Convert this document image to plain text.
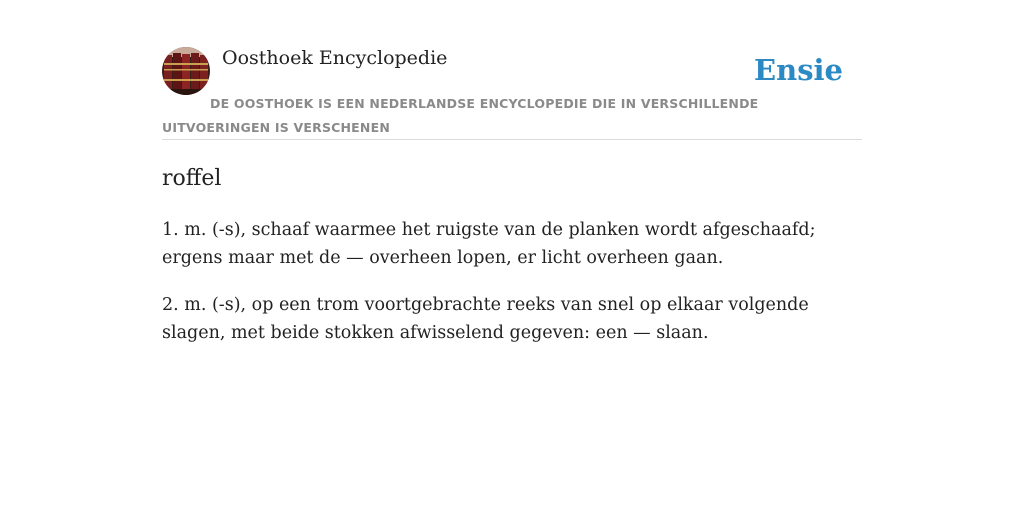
Oosthoek Encyclopedie	Ensie
DE OOSTHOEK IS EEN NEDERLANDSE ENCYCLOPEDIE DIE IN VERSCHILLENDE UITVOERINGEN IS VERSCHENEN
roffel
1. m. (-s), schaaf waarmee het ruigste van de planken wordt afgeschaafd; ergens maar met de — overheen lopen, er licht overheen gaan.
2. m. (-s), op een trom voortgebrachte reeks van snel op elkaar volgende slagen, met beide stokken afwisselend gegeven: een — slaan.
